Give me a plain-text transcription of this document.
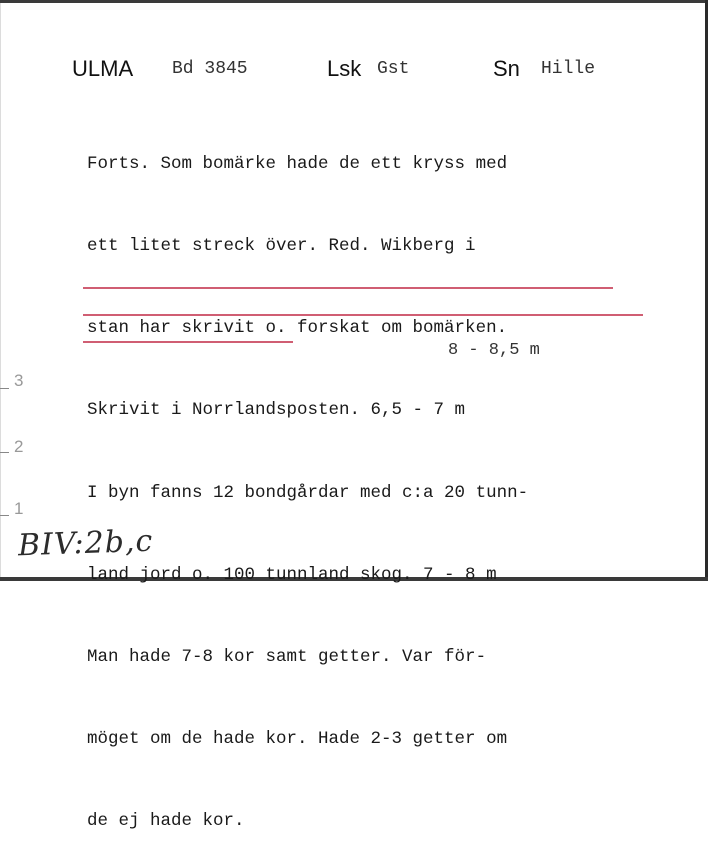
ULMA Bd 3845	Lsk Gst	Sn Hille

Forts. Som bomärke hade de ett kryss med

ett litet streck över. Red. Wikberg i

stan har skrivit o. forskat om bomärken.

Skrivit i Norrlandsposten. 6,5 - 7 m

I byn fanns 12 bondgårdar med c:a 20 tunn-

land jord o. 100 tunnland skog. 7 - 8 m

Man hade 7-8 kor samt getter. Var för-

möget om de hade kor. Hade 2-3 getter om

de ej hade kor.

8 - 8,5 m
3
2
1
BIV:2b,c
